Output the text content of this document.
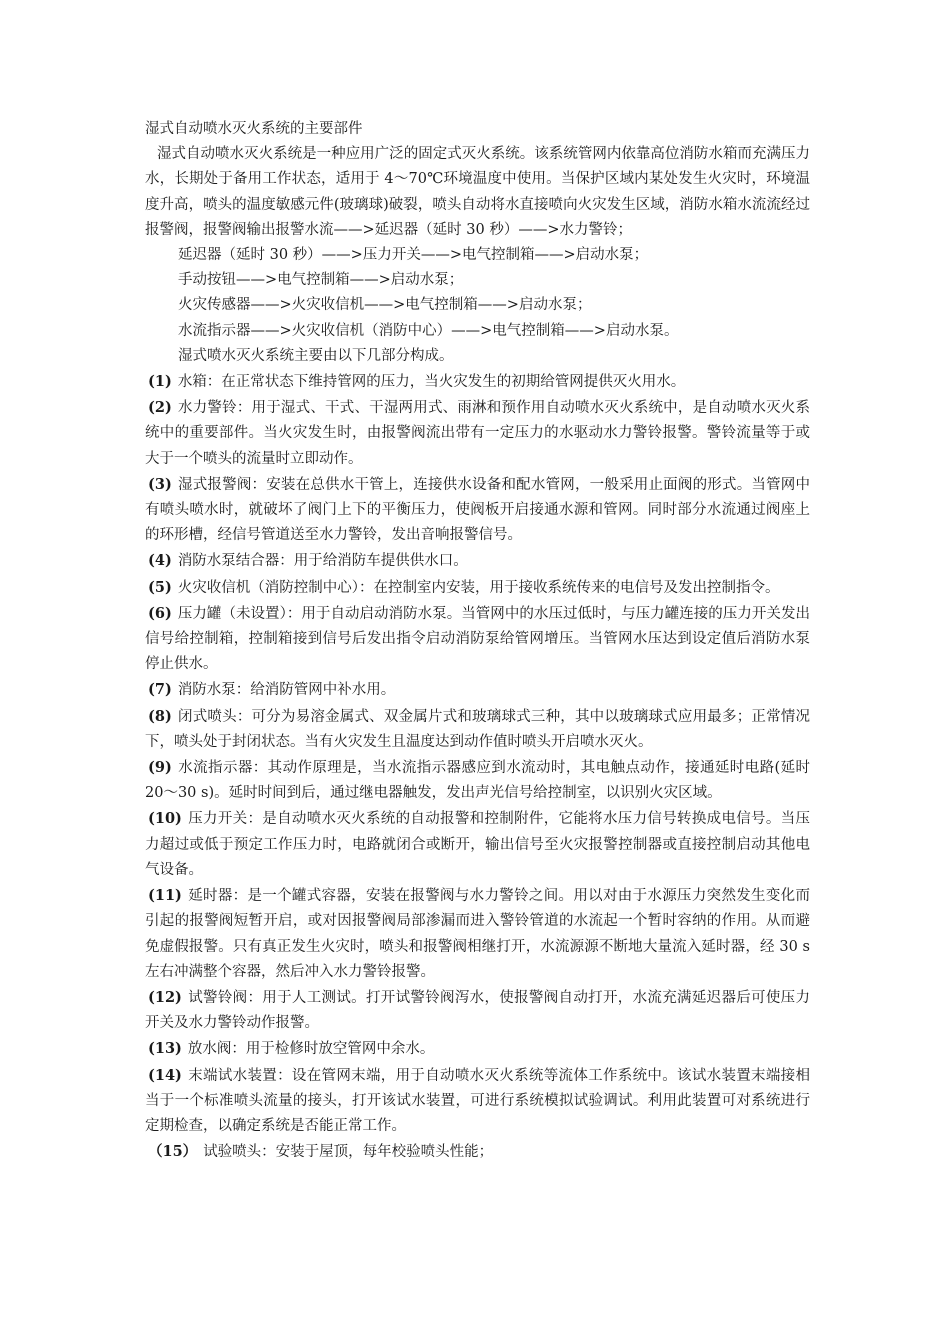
湿式自动喷水灭火系统的主要部件

湿式自动喷水灭火系统是一种应用广泛的固定式灭火系统。该系统管网内依靠高位消防水箱而充满压力水，长期处于备用工作状态，适用于 4～70℃环境温度中使用。当保护区域内某处发生火灾时，环境温度升高，喷头的温度敏感元件(玻璃球)破裂，喷头自动将水直接喷向火灾发生区域，消防水箱水流流经过报警阀，报警阀输出报警水流——>延迟器（延时 30 秒）——>水力警铃；

延迟器（延时 30 秒）——>压力开关——>电气控制箱——>启动水泵；

手动按钮——>电气控制箱——>启动水泵；

火灾传感器——>火灾收信机——>电气控制箱——>启动水泵；

水流指示器——>火灾收信机（消防中心）——>电气控制箱——>启动水泵。

湿式喷水灭火系统主要由以下几部分构成。

(1) 水箱：在正常状态下维持管网的压力，当火灾发生的初期给管网提供灭火用水。

(2) 水力警铃：用于湿式、干式、干湿两用式、雨淋和预作用自动喷水灭火系统中，是自动喷水灭火系统中的重要部件。当火灾发生时，由报警阀流出带有一定压力的水驱动水力警铃报警。警铃流量等于或大于一个喷头的流量时立即动作。

(3) 湿式报警阀：安装在总供水干管上，连接供水设备和配水管网，一般采用止面阀的形式。当管网中有喷头喷水时，就破坏了阀门上下的平衡压力，使阀板开启接通水源和管网。同时部分水流通过阀座上的环形槽，经信号管道送至水力警铃，发出音响报警信号。

(4) 消防水泵结合器：用于给消防车提供供水口。

(5) 火灾收信机（消防控制中心）：在控制室内安装，用于接收系统传来的电信号及发出控制指令。

(6) 压力罐（未设置）：用于自动启动消防水泵。当管网中的水压过低时，与压力罐连接的压力开关发出信号给控制箱，控制箱接到信号后发出指令启动消防泵给管网增压。当管网水压达到设定值后消防水泵停止供水。

(7) 消防水泵：给消防管网中补水用。

(8) 闭式喷头：可分为易溶金属式、双金属片式和玻璃球式三种，其中以玻璃球式应用最多；正常情况下，喷头处于封闭状态。当有火灾发生且温度达到动作值时喷头开启喷水灭火。

(9) 水流指示器：其动作原理是，当水流指示器感应到水流动时，其电触点动作，接通延时电路(延时 20～30 s)。延时时间到后，通过继电器触发，发出声光信号给控制室，以识别火灾区域。

(10) 压力开关：是自动喷水灭火系统的自动报警和控制附件，它能将水压力信号转换成电信号。当压力超过或低于预定工作压力时，电路就闭合或断开，输出信号至火灾报警控制器或直接控制启动其他电气设备。

(11) 延时器：是一个罐式容器，安装在报警阀与水力警铃之间。用以对由于水源压力突然发生变化而引起的报警阀短暂开启，或对因报警阀局部渗漏而进入警铃管道的水流起一个暂时容纳的作用。从而避免虚假报警。只有真正发生火灾时，喷头和报警阀相继打开，水流源源不断地大量流入延时器，经 30 s 左右冲满整个容器，然后冲入水力警铃报警。

(12) 试警铃阀：用于人工测试。打开试警铃阀泻水，使报警阀自动打开，水流充满延迟器后可使压力开关及水力警铃动作报警。

(13) 放水阀：用于检修时放空管网中余水。

(14) 末端试水装置：设在管网末端，用于自动喷水灭火系统等流体工作系统中。该试水装置末端接相当于一个标准喷头流量的接头，打开该试水装置，可进行系统模拟试验调试。利用此装置可对系统进行定期检查，以确定系统是否能正常工作。

（15） 试验喷头：安装于屋顶，每年校验喷头性能；
